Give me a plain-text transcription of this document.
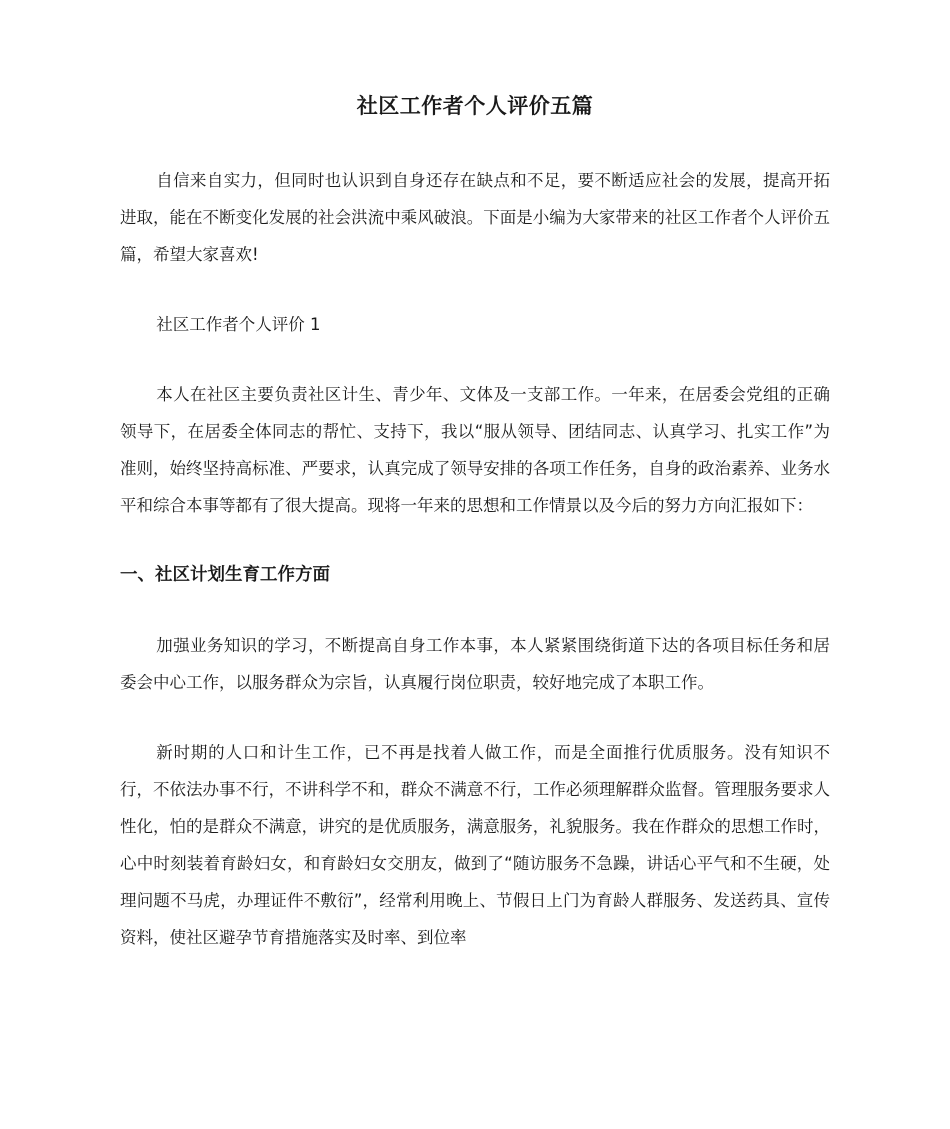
社区工作者个人评价五篇

自信来自实力，但同时也认识到自身还存在缺点和不足，要不断适应社会的发展，提高开拓进取，能在不断变化发展的社会洪流中乘风破浪。下面是小编为大家带来的社区工作者个人评价五篇，希望大家喜欢!

社区工作者个人评价 1

本人在社区主要负责社区计生、青少年、文体及一支部工作。一年来，在居委会党组的正确领导下，在居委全体同志的帮忙、支持下，我以“服从领导、团结同志、认真学习、扎实工作”为准则，始终坚持高标准、严要求，认真完成了领导安排的各项工作任务，自身的政治素养、业务水平和综合本事等都有了很大提高。现将一年来的思想和工作情景以及今后的努力方向汇报如下：

一、社区计划生育工作方面

加强业务知识的学习，不断提高自身工作本事，本人紧紧围绕街道下达的各项目标任务和居委会中心工作，以服务群众为宗旨，认真履行岗位职责，较好地完成了本职工作。

新时期的人口和计生工作，已不再是找着人做工作，而是全面推行优质服务。没有知识不行，不依法办事不行，不讲科学不和，群众不满意不行，工作必须理解群众监督。管理服务要求人性化，怕的是群众不满意，讲究的是优质服务，满意服务，礼貌服务。我在作群众的思想工作时，心中时刻装着育龄妇女，和育龄妇女交朋友，做到了“随访服务不急躁，讲话心平气和不生硬，处理问题不马虎，办理证件不敷衍”，经常利用晚上、节假日上门为育龄人群服务、发送药具、宣传资料，使社区避孕节育措施落实及时率、到位率
